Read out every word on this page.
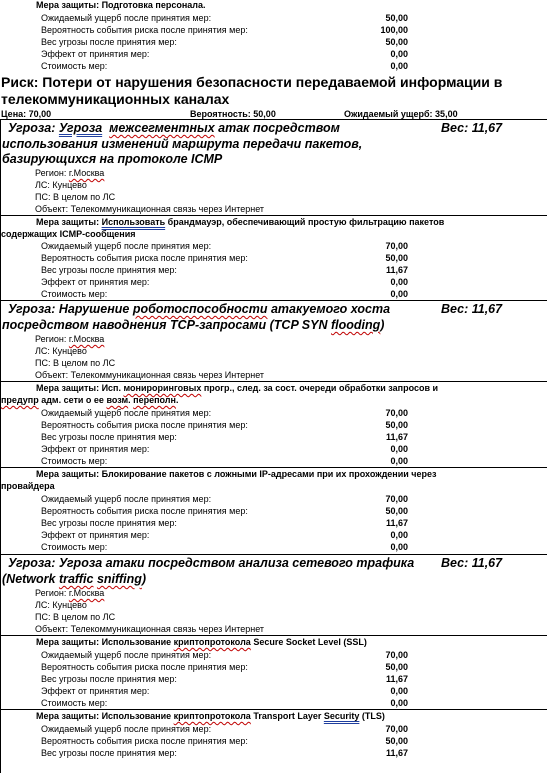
Мера защиты: Подготовка персонала.
Ожидаемый ущерб после принятия мер:	50,00
Вероятность события риска после принятия мер:	100,00
Вес угрозы после принятия мер:	50,00
Эффект от принятия мер:	0,00
Стоимость мер:	0,00
Риск: Потери от нарушения безопасности передаваемой информации в
телекоммуникационных каналах
Цена: 70,00	Вероятность: 50,00	Ожидаемый ущерб: 35,00
Угроза: Угроза межсегментных атак посредством	Вес: 11,67
использования изменений маршрута передачи пакетов,
базирующихся на протоколе ICMP
Регион: г.Москва
ЛС: Кунцево
ПС: В целом по ЛС
Объект: Телекоммуникационная связь через Интернет
Мера защиты: Использовать брандмауэр, обеспечивающий простую фильтрацию пакетов
содержащих ICMP-сообщения
Ожидаемый ущерб после принятия мер:	70,00
Вероятность события риска после принятия мер:	50,00
Вес угрозы после принятия мер:	11,67
Эффект от принятия мер:	0,00
Стоимость мер:	0,00
Угроза: Нарушение роботоспособности атакуемого хоста	Вес: 11,67
посредством наводнения TCP-запросами (TCP SYN flooding)
Регион: г.Москва
ЛС: Кунцево
ПС: В целом по ЛС
Объект: Телекоммуникационная связь через Интернет
Мера защиты: Исп. монироринговых прогр., след. за сост. очереди обработки запросов и
предупр адм. сети о ее возм. переполн.
Ожидаемый ущерб после принятия мер:	70,00
Вероятность события риска после принятия мер:	50,00
Вес угрозы после принятия мер:	11,67
Эффект от принятия мер:	0,00
Стоимость мер:	0,00
Мера защиты: Блокирование пакетов с ложными IP-адресами при их прохождении через
провайдера
Ожидаемый ущерб после принятия мер:	70,00
Вероятность события риска после принятия мер:	50,00
Вес угрозы после принятия мер:	11,67
Эффект от принятия мер:	0,00
Стоимость мер:	0,00
Угроза: Угроза атаки посредством анализа сетевого трафика Вес: 11,67
(Network traffic sniffing)
Регион: г.Москва
ЛС: Кунцево
ПС: В целом по ЛС
Объект: Телекоммуникационная связь через Интернет
Мера защиты: Использование криптопротокола Secure Socket Level (SSL)
Ожидаемый ущерб после принятия мер:	70,00
Вероятность события риска после принятия мер:	50,00
Вес угрозы после принятия мер:	11,67
Эффект от принятия мер:	0,00
Стоимость мер:	0,00
Мера защиты: Использование криптопротокола Transport Layer Security (TLS)
Ожидаемый ущерб после принятия мер:	70,00
Вероятность события риска после принятия мер:	50,00
Вес угрозы после принятия мер:	11,67
